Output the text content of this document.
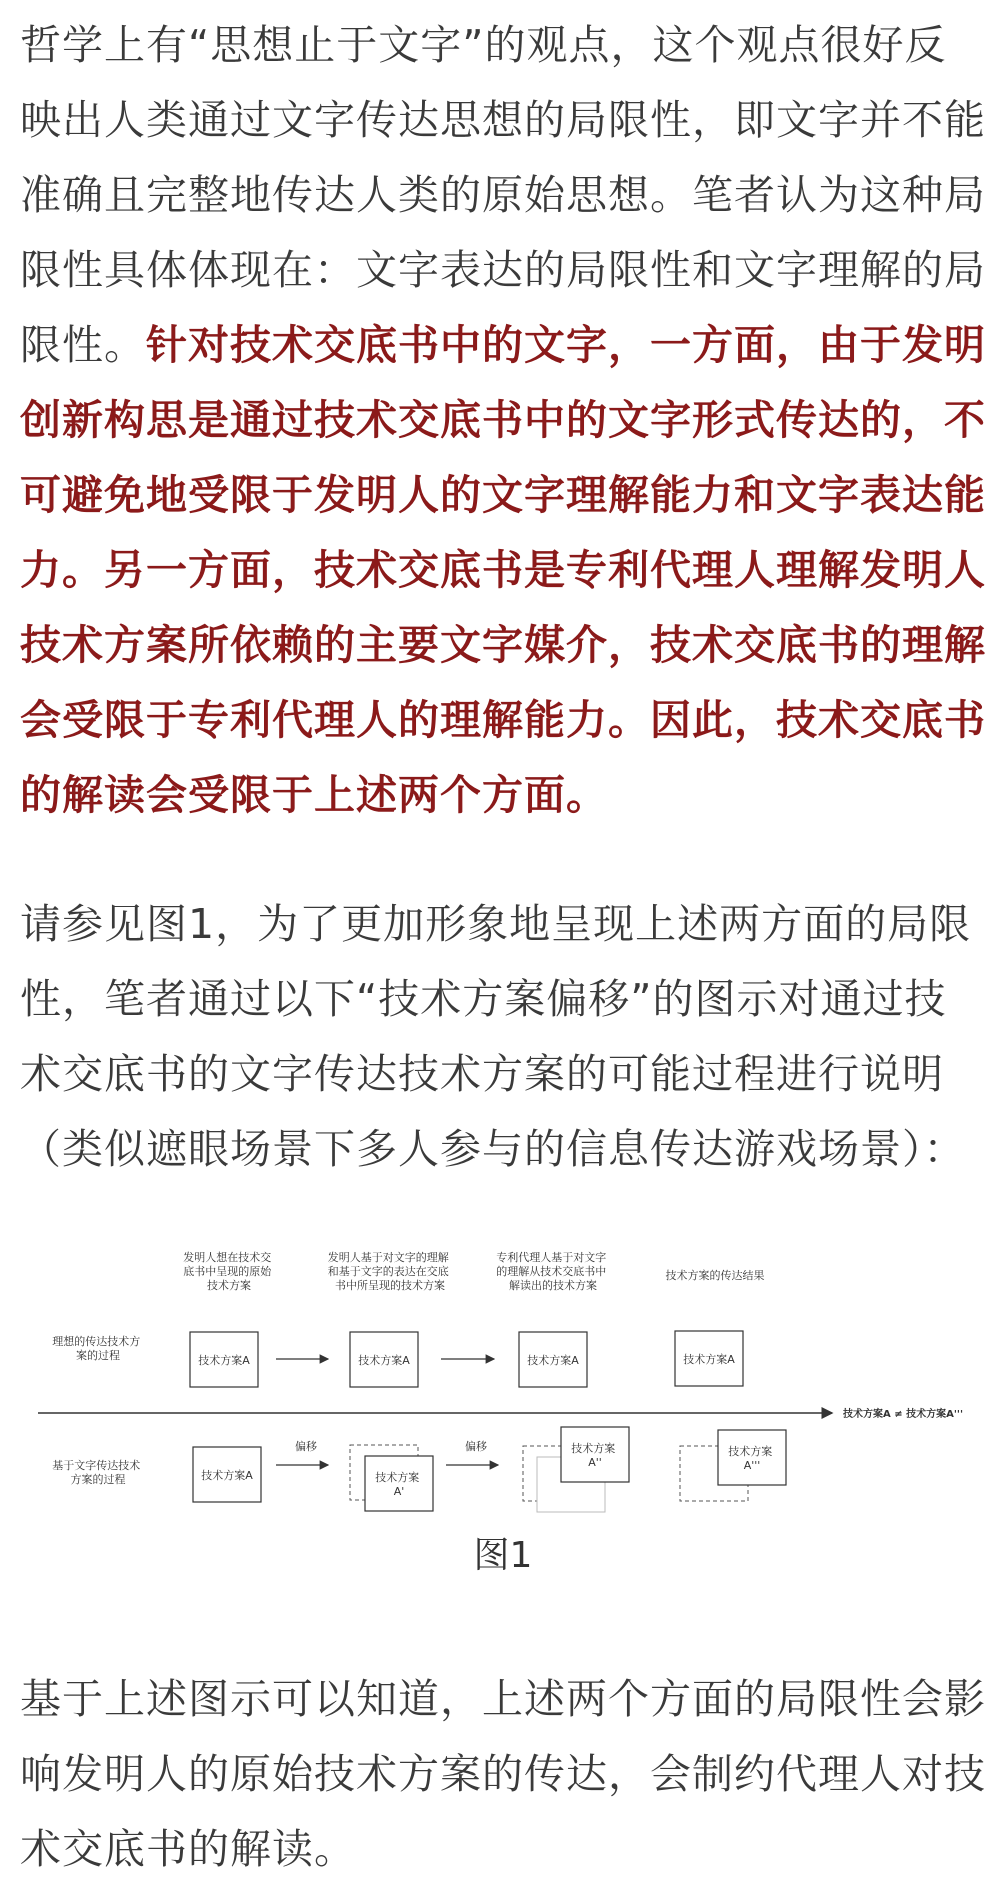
哲学上有“思想止于文字”的观点，这个观点很好反映出人类通过文字传达思想的局限性，即文字并不能准确且完整地传达人类的原始思想。笔者认为这种局限性具体体现在：文字表达的局限性和文字理解的局限性。针对技术交底书中的文字，一方面，由于发明创新构思是通过技术交底书中的文字形式传达的，不可避免地受限于发明人的文字理解能力和文字表达能力。另一方面，技术交底书是专利代理人理解发明人技术方案所依赖的主要文字媒介，技术交底书的理解会受限于专利代理人的理解能力。因此，技术交底书的解读会受限于上述两个方面。

请参见图1，为了更加形象地呈现上述两方面的局限性，笔者通过以下“技术方案偏移”的图示对通过技术交底书的文字传达技术方案的可能过程进行说明（类似遮眼场景下多人参与的信息传达游戏场景）：

发明人想在技术交 底书中呈现的原始 技术方案
发明人基于对文字的理解 和基于文字的表达在交底 书中所呈现的技术方案
专利代理人基于对文字 的理解从技术交底书中 解读出的技术方案
技术方案的传达结果
理想的传达技术方 案的过程
基于文字传达技术 方案的过程
技术方案A	技术方案A	技术方案A	技术方案A
技术方案A ≠ 技术方案A'''
技术方案A
偏移
技术方案 A'
偏移	技术方案 A''
技术方案 A'''
图1

基于上述图示可以知道，上述两个方面的局限性会影响发明人的原始技术方案的传达，会制约代理人对技术交底书的解读。
